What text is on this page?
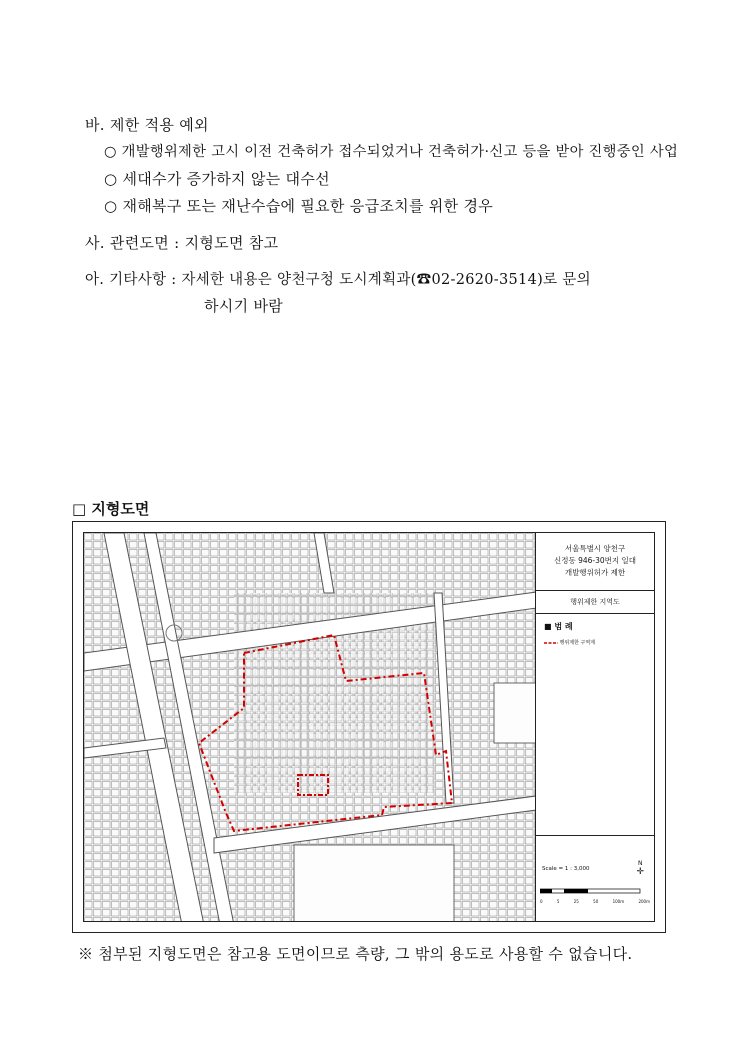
바. 제한 적용 예외
○ 개발행위제한 고시 이전 건축허가 접수되었거나 건축허가·신고 등을 받아 진행중인 사업
○ 세대수가 증가하지 않는 대수선
○ 재해복구 또는 재난수습에 필요한 응급조치를 위한 경우
사. 관련도면 : 지형도면 참고
아. 기타사항 : 자세한 내용은 양천구청 도시계획과(☎02-2620-3514)로 문의
하시기 바람
□ 지형도면
서울특별시 양천구
신정동 946-30번지 일대
개발행위허가 제한
행위제한 지역도
■ 범 례
행위제한 구역계
Scale = 1 : 3,000
N
✛
0	5	25	50	100m	200m
※ 첨부된 지형도면은 참고용 도면이므로 측량, 그 밖의 용도로 사용할 수 없습니다.
